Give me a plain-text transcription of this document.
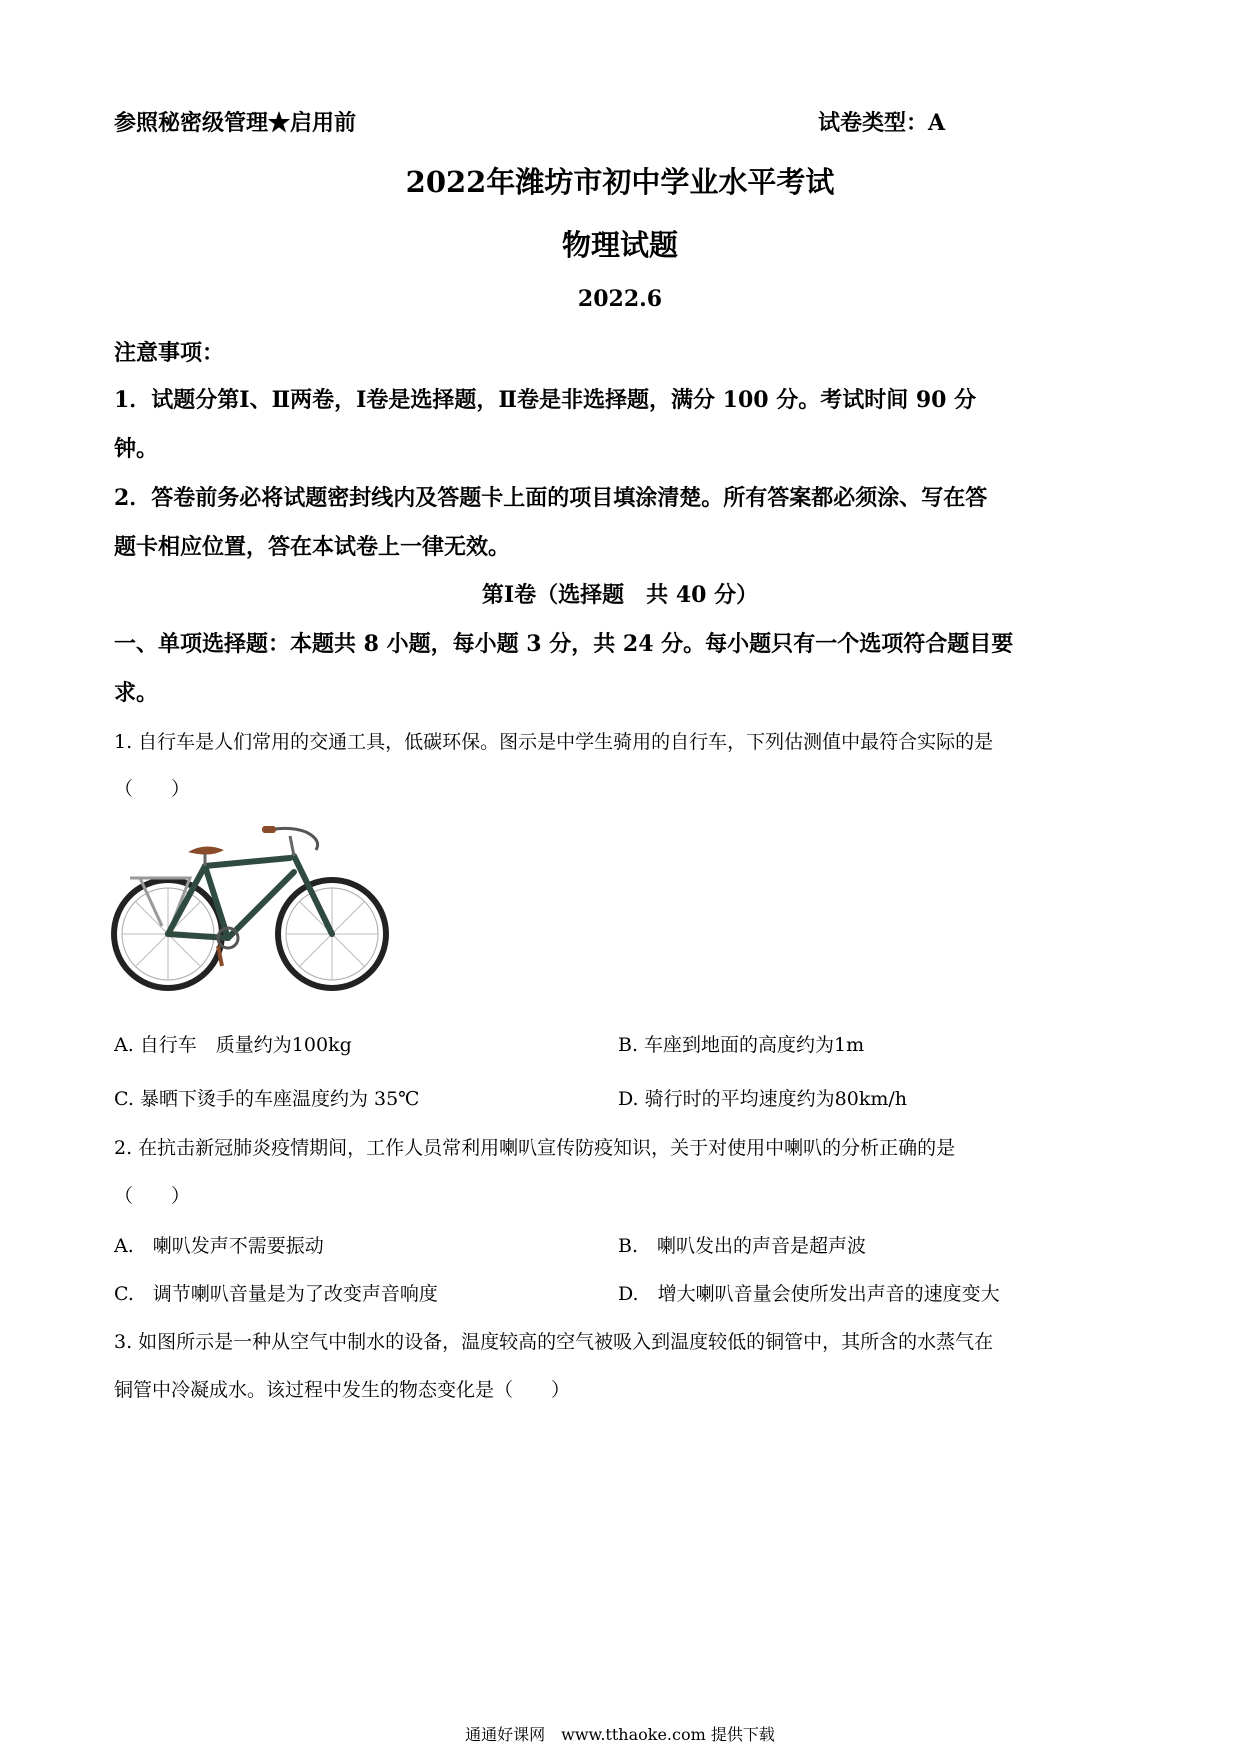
参照秘密级管理★启用前	试卷类型：A
2022年潍坊市初中学业水平考试
物理试题
2022.6
注意事项：
1．试题分第Ⅰ、Ⅱ两卷，Ⅰ卷是选择题，Ⅱ卷是非选择题，满分 100 分。考试时间 90 分
钟。
2．答卷前务必将试题密封线内及答题卡上面的项目填涂清楚。所有答案都必须涂、写在答
题卡相应位置，答在本试卷上一律无效。
第Ⅰ卷（选择题　共 40 分）
一、单项选择题：本题共 8 小题，每小题 3 分，共 24 分。每小题只有一个选项符合题目要
求。
1. 自行车是人们常用的交通工具，低碳环保。图示是中学生骑用的自行车，下列估测值中最符合实际的是
（　　）
A. 自行车　质量约为100kg	B. 车座到地面的高度约为1m
C. 暴晒下烫手的车座温度约为 35℃	D. 骑行时的平均速度约为80km/h
2. 在抗击新冠肺炎疫情期间，工作人员常利用喇叭宣传防疫知识，关于对使用中喇叭的分析正确的是
（　　）
A.　喇叭发声不需要振动	B.　喇叭发出的声音是超声波
C.　调节喇叭音量是为了改变声音响度	D.　增大喇叭音量会使所发出声音的速度变大
3. 如图所示是一种从空气中制水的设备，温度较高的空气被吸入到温度较低的铜管中，其所含的水蒸气在
铜管中冷凝成水。该过程中发生的物态变化是（　　）
通通好课网　www.tthaoke.com 提供下载
